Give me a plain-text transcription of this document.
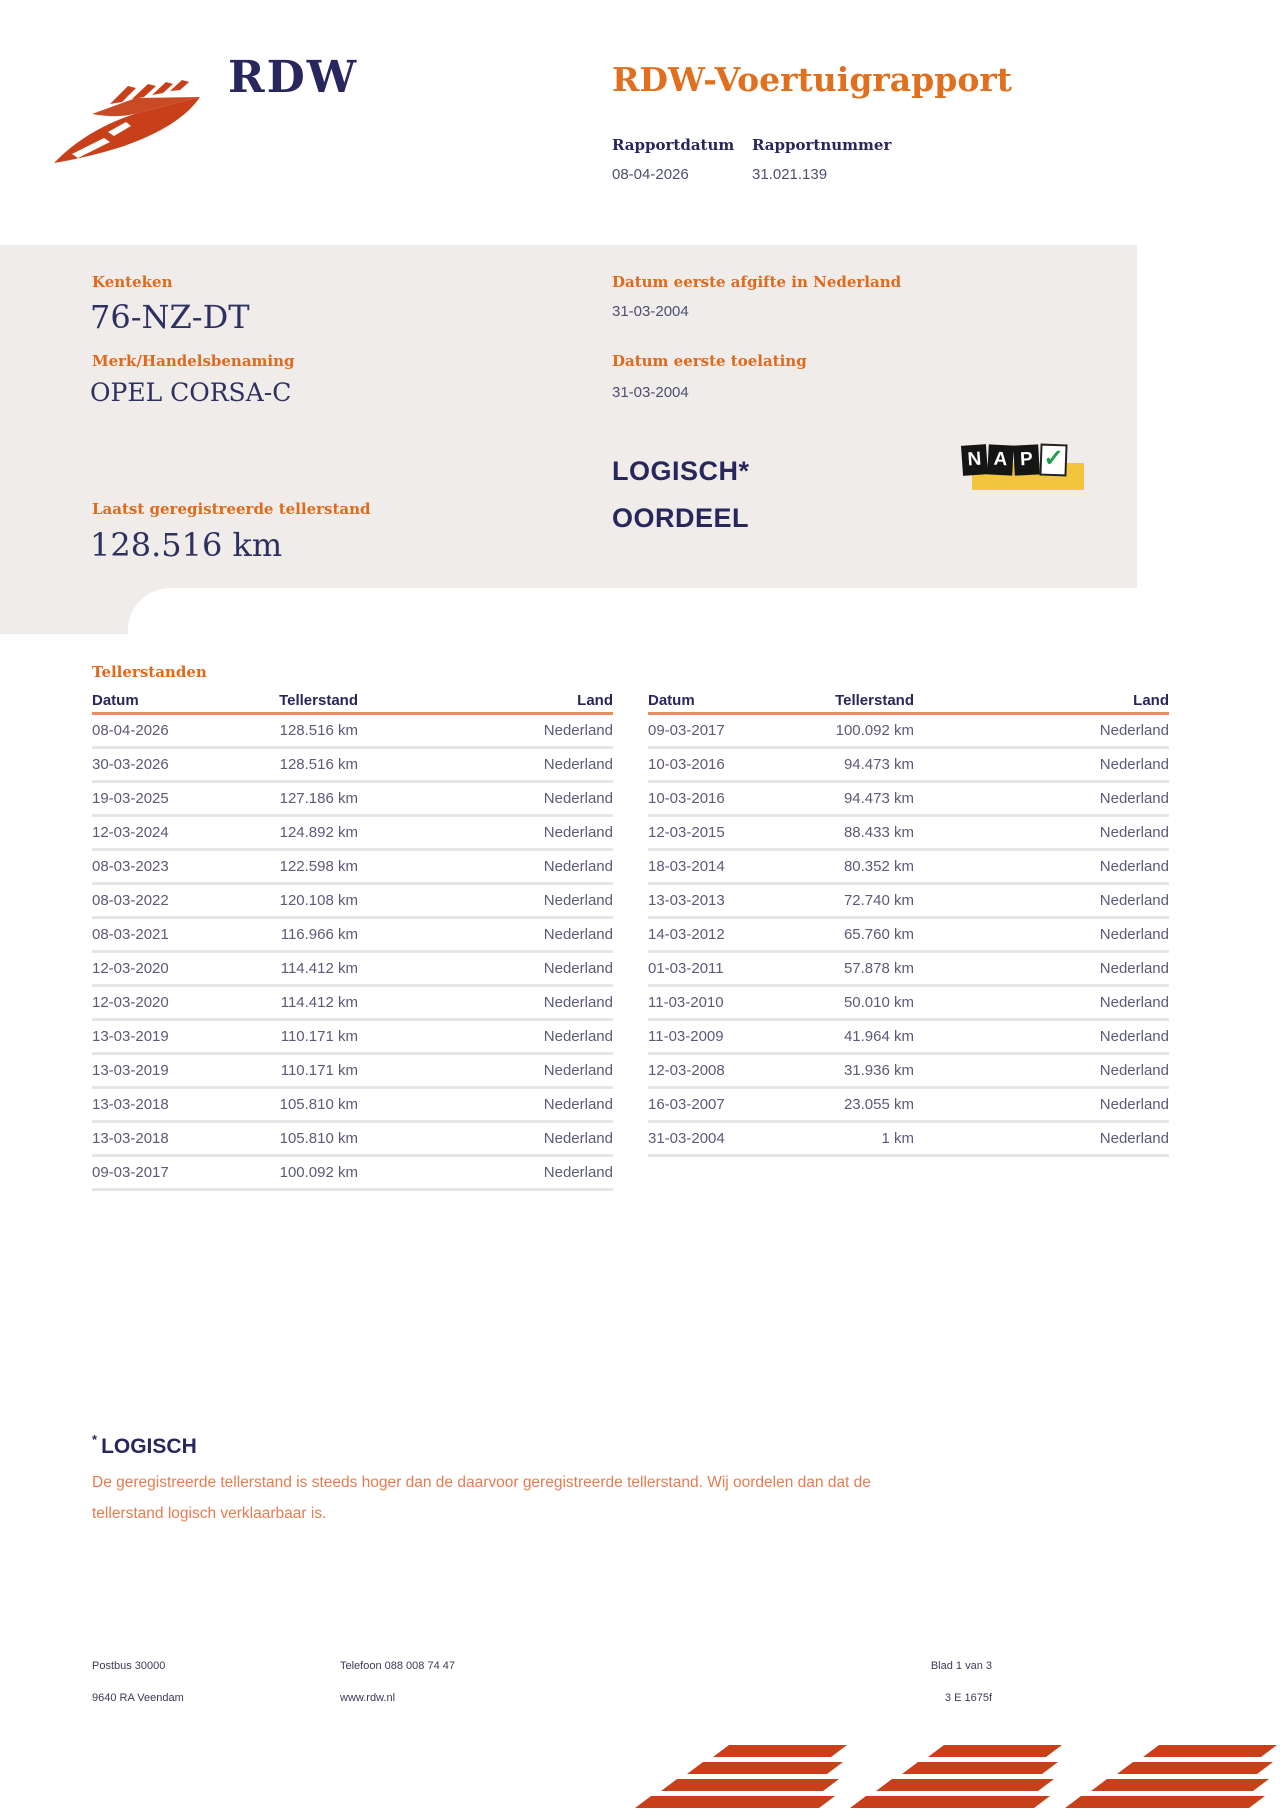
RDW	RDW-Voertuigrapport
Rapportdatum Rapportnummer
08-04-2026	31.021.139
Kenteken
76-NZ-DT
Merk/Handelsbenaming
OPEL CORSA-C
Datum eerste afgifte in Nederland
31-03-2004
Datum eerste toelating
31-03-2004
LOGISCH*
OORDEEL
N A P ✓
Laatst geregistreerde tellerstand
128.516 km
Tellerstanden
Datum	Tellerstand	Land
08-04-2026	128.516 km	Nederland
30-03-2026	128.516 km	Nederland
19-03-2025	127.186 km	Nederland
12-03-2024	124.892 km	Nederland
08-03-2023	122.598 km	Nederland
08-03-2022	120.108 km	Nederland
08-03-2021	116.966 km	Nederland
12-03-2020	114.412 km	Nederland
12-03-2020	114.412 km	Nederland
13-03-2019	110.171 km	Nederland
13-03-2019	110.171 km	Nederland
13-03-2018	105.810 km	Nederland
13-03-2018	105.810 km	Nederland
09-03-2017	100.092 km	Nederland
Datum	Tellerstand	Land
09-03-2017	100.092 km	Nederland
10-03-2016	94.473 km	Nederland
10-03-2016	94.473 km	Nederland
12-03-2015	88.433 km	Nederland
18-03-2014	80.352 km	Nederland
13-03-2013	72.740 km	Nederland
14-03-2012	65.760 km	Nederland
01-03-2011	57.878 km	Nederland
11-03-2010	50.010 km	Nederland
11-03-2009	41.964 km	Nederland
12-03-2008	31.936 km	Nederland
16-03-2007	23.055 km	Nederland
31-03-2004	1 km	Nederland
* LOGISCH
De geregistreerde tellerstand is steeds hoger dan de daarvoor geregistreerde tellerstand. Wij oordelen dan dat de
tellerstand logisch verklaarbaar is.
Postbus 30000
9640 RA Veendam
Telefoon 088 008 74 47
www.rdw.nl
Blad 1 van 3
3 E 1675f
